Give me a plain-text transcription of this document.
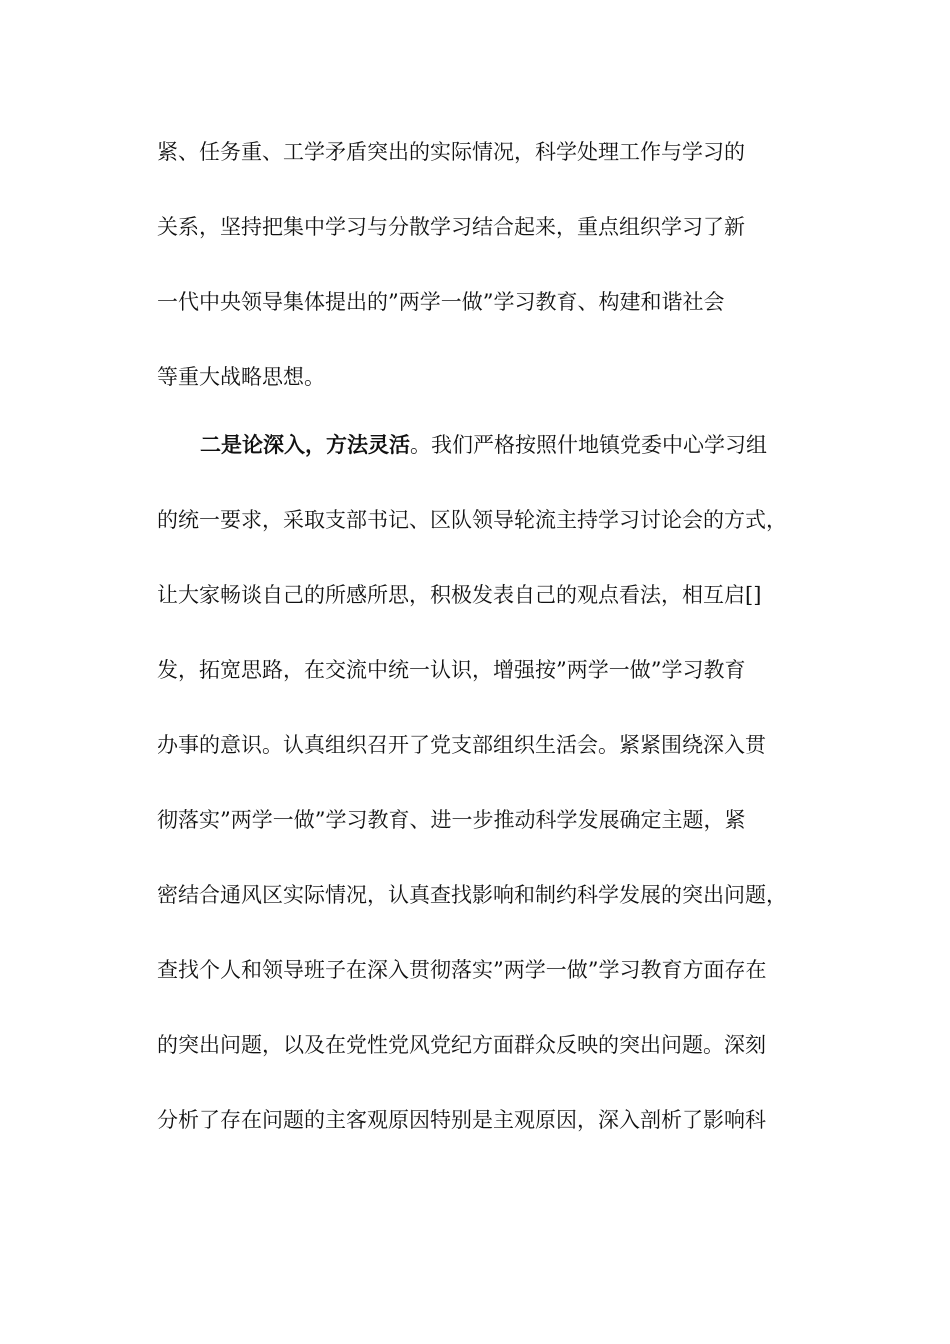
紧、任务重、工学矛盾突出的实际情况，科学处理工作与学习的
关系，坚持把集中学习与分散学习结合起来，重点组织学习了新
一代中央领导集体提出的”两学一做”学习教育、构建和谐社会
等重大战略思想。
二是论深入，方法灵活。我们严格按照什地镇党委中心学习组
的统一要求，采取支部书记、区队领导轮流主持学习讨论会的方式，
让大家畅谈自己的所感所思，积极发表自己的观点看法，相互启[]
发，拓宽思路，在交流中统一认识，增强按”两学一做”学习教育
办事的意识。认真组织召开了党支部组织生活会。紧紧围绕深入贯
彻落实”两学一做”学习教育、进一步推动科学发展确定主题，紧
密结合通风区实际情况，认真查找影响和制约科学发展的突出问题，
查找个人和领导班子在深入贯彻落实”两学一做”学习教育方面存在
的突出问题，以及在党性党风党纪方面群众反映的突出问题。深刻
分析了存在问题的主客观原因特别是主观原因，深入剖析了影响科
